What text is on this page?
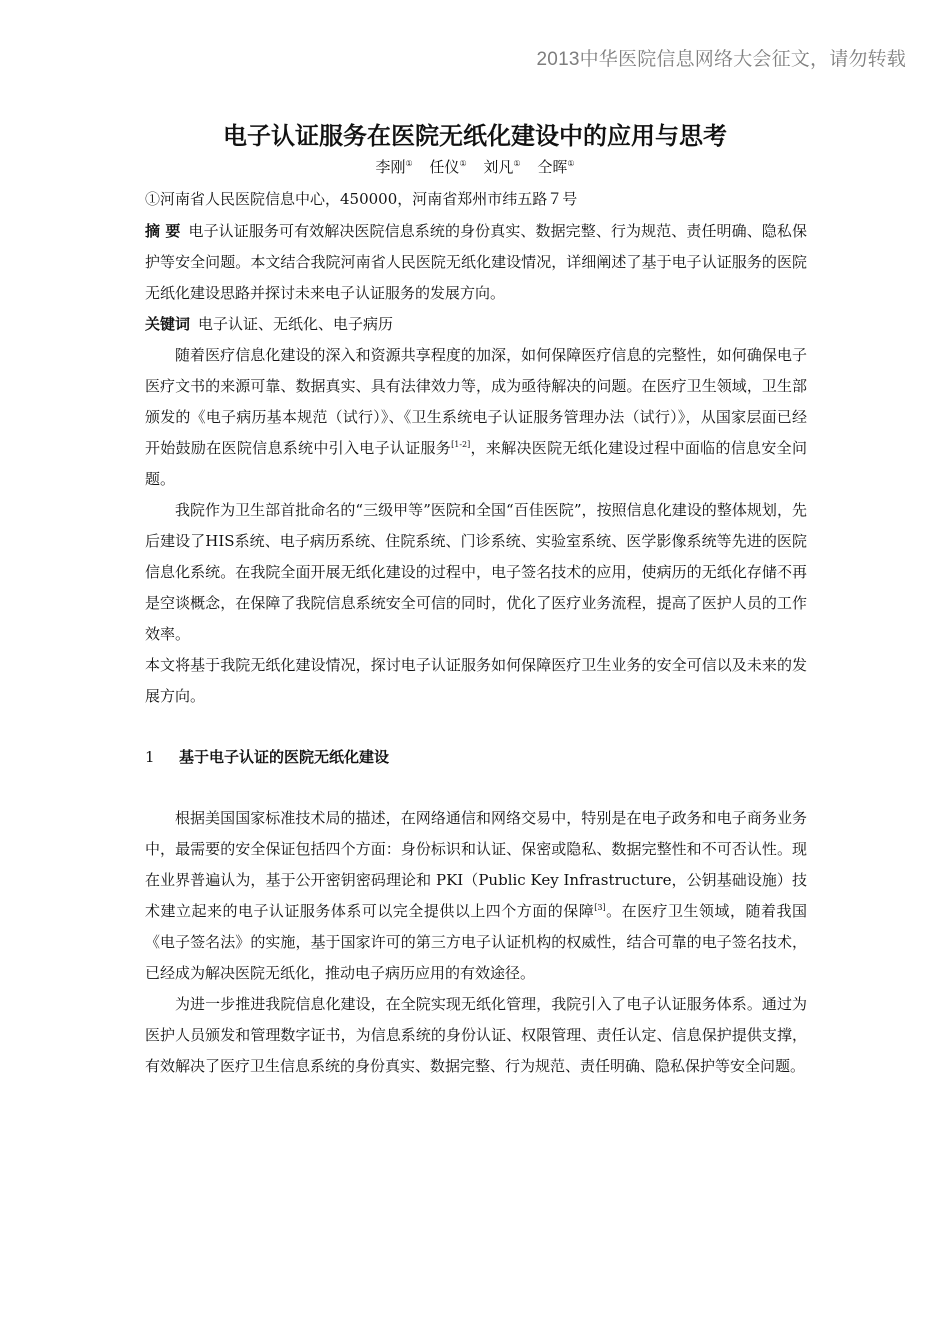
2013中华医院信息网络大会征文，请勿转载
电子认证服务在医院无纸化建设中的应用与思考
李刚① 任仪① 刘凡① 仝晖①
①河南省人民医院信息中心，450000，河南省郑州市纬五路７号

摘 要 电子认证服务可有效解决医院信息系统的身份真实、数据完整、行为规范、责任明确、隐私保护等安全问题。本文结合我院河南省人民医院无纸化建设情况，详细阐述了基于电子认证服务的医院无纸化建设思路并探讨未来电子认证服务的发展方向。

关键词 电子认证、无纸化、电子病历

随着医疗信息化建设的深入和资源共享程度的加深，如何保障医疗信息的完整性，如何确保电子医疗文书的来源可靠、数据真实、具有法律效力等，成为亟待解决的问题。在医疗卫生领域，卫生部颁发的《电子病历基本规范（试行）》、《卫生系统电子认证服务管理办法（试行）》，从国家层面已经开始鼓励在医院信息系统中引入电子认证服务[1-2]，来解决医院无纸化建设过程中面临的信息安全问题。

我院作为卫生部首批命名的“三级甲等”医院和全国“百佳医院”，按照信息化建设的整体规划，先后建设了HIS系统、电子病历系统、住院系统、门诊系统、实验室系统、医学影像系统等先进的医院信息化系统。在我院全面开展无纸化建设的过程中，电子签名技术的应用，使病历的无纸化存储不再是空谈概念，在保障了我院信息系统安全可信的同时，优化了医疗业务流程，提高了医护人员的工作效率。

本文将基于我院无纸化建设情况，探讨电子认证服务如何保障医疗卫生业务的安全可信以及未来的发展方向。

1 基于电子认证的医院无纸化建设

根据美国国家标准技术局的描述，在网络通信和网络交易中，特别是在电子政务和电子商务业务中，最需要的安全保证包括四个方面：身份标识和认证、保密或隐私、数据完整性和不可否认性。现在业界普遍认为，基于公开密钥密码理论和 PKI（Public Key Infrastructure，公钥基础设施）技术建立起来的电子认证服务体系可以完全提供以上四个方面的保障[3]。在医疗卫生领域，随着我国《电子签名法》的实施，基于国家许可的第三方电子认证机构的权威性，结合可靠的电子签名技术，已经成为解决医院无纸化，推动电子病历应用的有效途径。

为进一步推进我院信息化建设，在全院实现无纸化管理，我院引入了电子认证服务体系。通过为医护人员颁发和管理数字证书，为信息系统的身份认证、权限管理、责任认定、信息保护提供支撑，有效解决了医疗卫生信息系统的身份真实、数据完整、行为规范、责任明确、隐私保护等安全问题。
